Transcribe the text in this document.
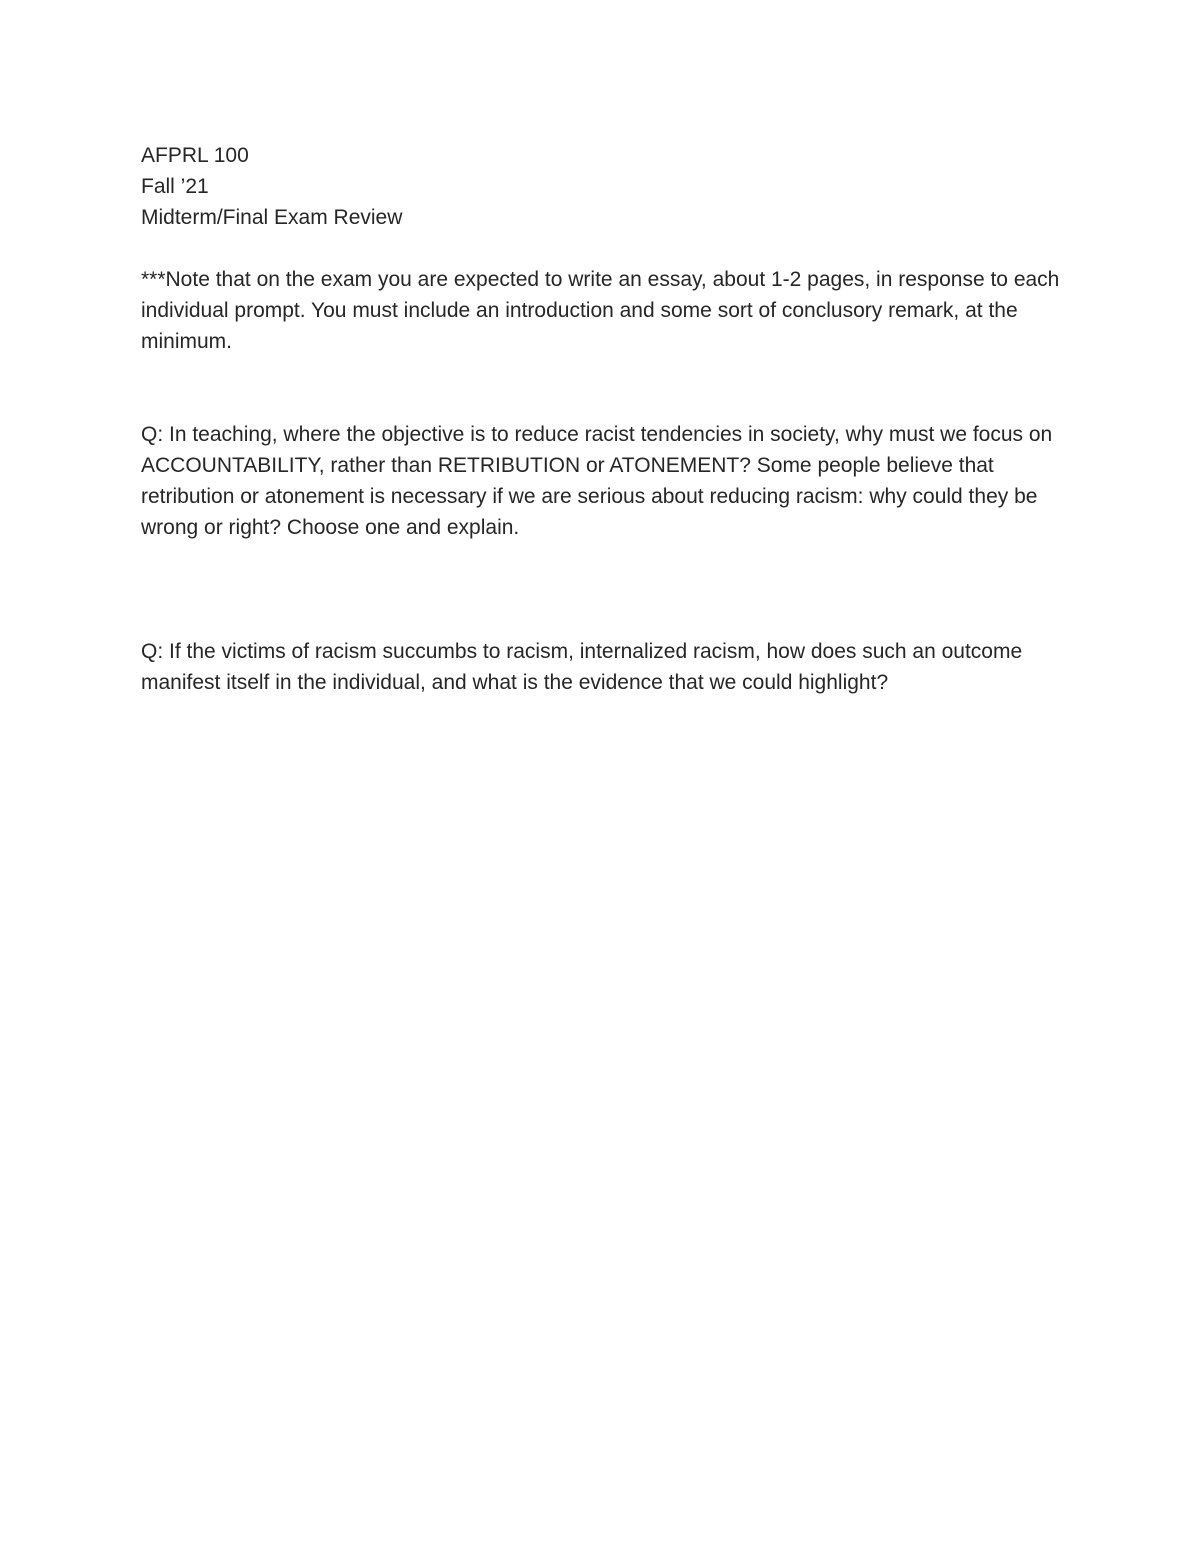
AFPRL 100
Fall ’21
Midterm/Final Exam Review

***Note that on the exam you are expected to write an essay, about 1-2 pages, in response to each individual prompt. You must include an introduction and some sort of conclusory remark, at the minimum.

Q: In teaching, where the objective is to reduce racist tendencies in society, why must we focus on ACCOUNTABILITY, rather than RETRIBUTION or ATONEMENT? Some people believe that retribution or atonement is necessary if we are serious about reducing racism: why could they be wrong or right? Choose one and explain.

Q: If the victims of racism succumbs to racism, internalized racism, how does such an outcome manifest itself in the individual, and what is the evidence that we could highlight?
